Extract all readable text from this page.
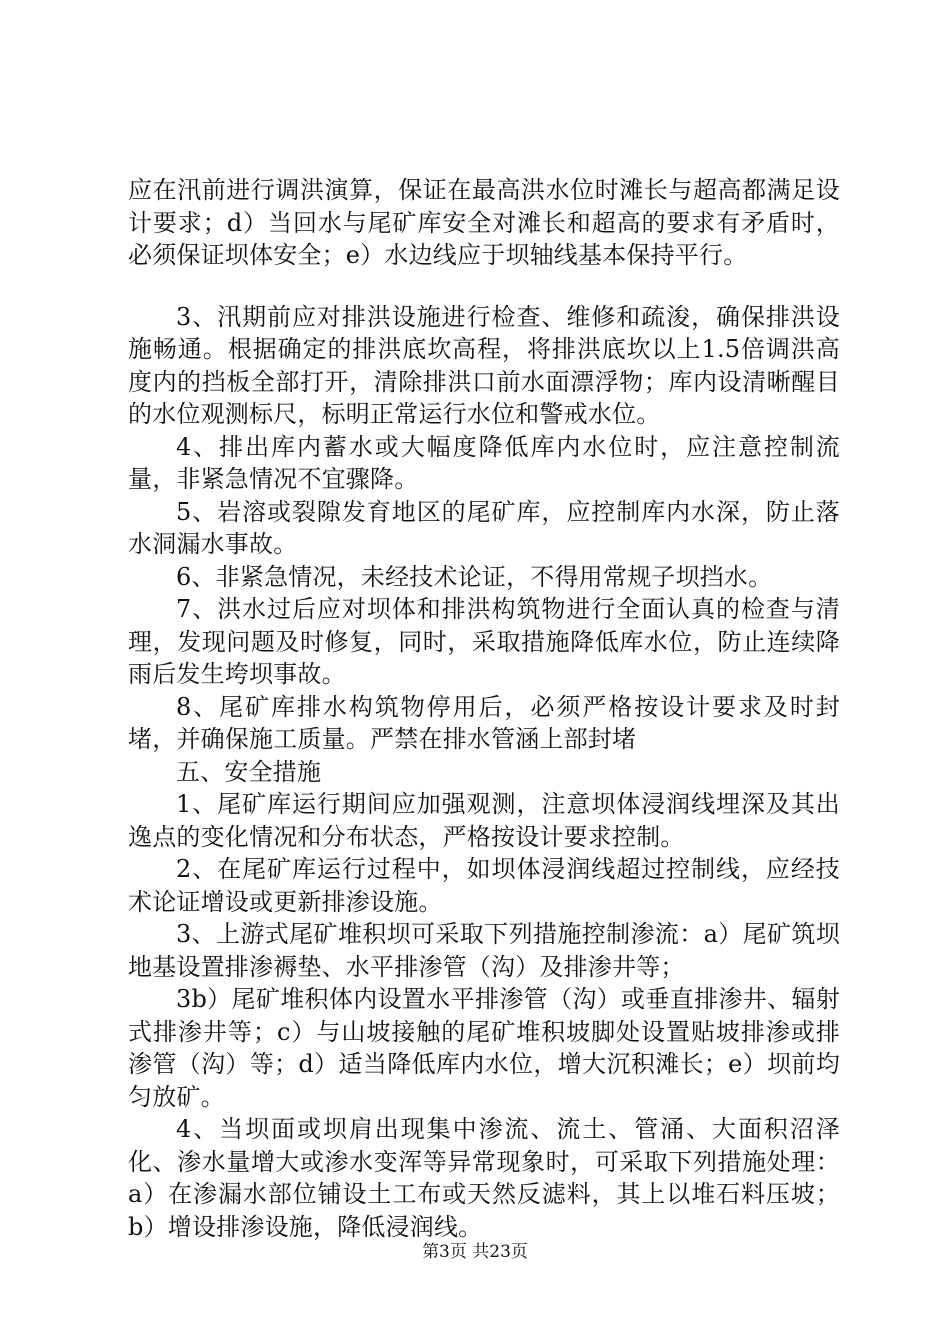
应在汛前进行调洪演算，保证在最高洪水位时滩长与超高都满足设计要求；d）当回水与尾矿库安全对滩长和超高的要求有矛盾时，必须保证坝体安全；e）水边线应于坝轴线基本保持平行。

3、汛期前应对排洪设施进行检查、维修和疏浚，确保排洪设施畅通。根据确定的排洪底坎高程，将排洪底坎以上1.5倍调洪高度内的挡板全部打开，清除排洪口前水面漂浮物；库内设清晰醒目的水位观测标尺，标明正常运行水位和警戒水位。

4、排出库内蓄水或大幅度降低库内水位时，应注意控制流量，非紧急情况不宜骤降。

5、岩溶或裂隙发育地区的尾矿库，应控制库内水深，防止落水洞漏水事故。

6、非紧急情况，未经技术论证，不得用常规子坝挡水。

7、洪水过后应对坝体和排洪构筑物进行全面认真的检查与清理，发现问题及时修复，同时，采取措施降低库水位，防止连续降雨后发生垮坝事故。

8、尾矿库排水构筑物停用后，必须严格按设计要求及时封堵，并确保施工质量。严禁在排水管涵上部封堵

五、安全措施

1、尾矿库运行期间应加强观测，注意坝体浸润线埋深及其出逸点的变化情况和分布状态，严格按设计要求控制。

2、在尾矿库运行过程中，如坝体浸润线超过控制线，应经技术论证增设或更新排渗设施。

3、上游式尾矿堆积坝可采取下列措施控制渗流：a）尾矿筑坝地基设置排渗褥垫、水平排渗管（沟）及排渗井等；

3b）尾矿堆积体内设置水平排渗管（沟）或垂直排渗井、辐射式排渗井等；c）与山坡接触的尾矿堆积坡脚处设置贴坡排渗或排渗管（沟）等；d）适当降低库内水位，增大沉积滩长；e）坝前均匀放矿。

4、当坝面或坝肩出现集中渗流、流土、管涌、大面积沼泽化、渗水量增大或渗水变浑等异常现象时，可采取下列措施处理：a）在渗漏水部位铺设土工布或天然反滤料，其上以堆石料压坡；b）增设排渗设施，降低浸润线。

第3页 共23页
